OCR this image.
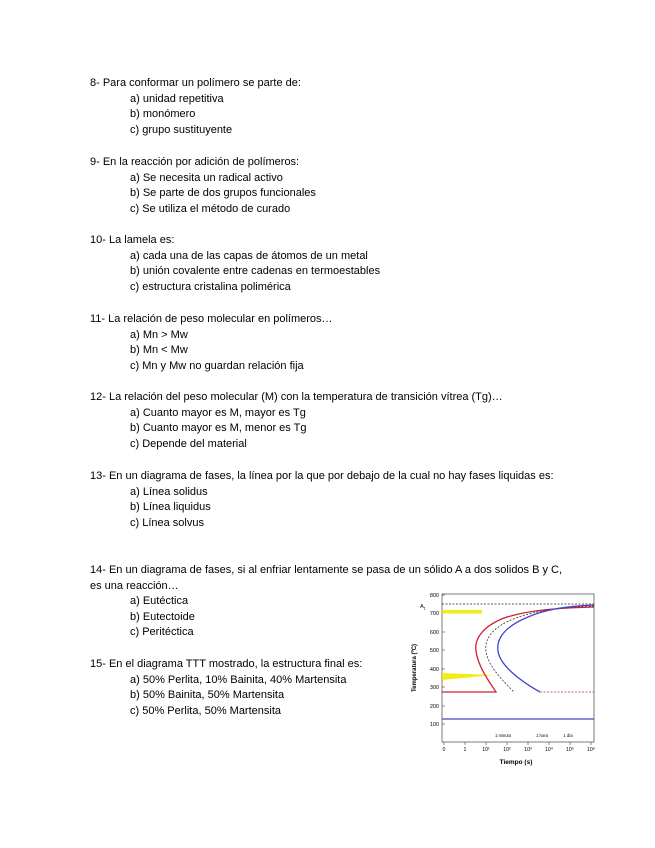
8- Para conformar un polímero se parte de:
a) unidad repetitiva
b) monómero
c) grupo sustituyente
9- En la reacción por adición de polímeros:
a) Se necesita un radical activo
b) Se parte de dos grupos funcionales
c) Se utiliza el método de curado
10- La lamela es:
a) cada una de las capas de átomos de un metal
b) unión covalente entre cadenas en termoestables
c) estructura cristalina polimérica
11- La relación de peso molecular en polímeros…
a) Mn > Mw
b) Mn < Mw
c) Mn y Mw no guardan relación fija
12- La relación del peso molecular (M) con la temperatura de transición vítrea (Tg)…
a) Cuanto mayor es M, mayor es Tg
b) Cuanto mayor es M, menor es Tg
c) Depende del material
13- En un diagrama de fases, la línea por la que por debajo de la cual no hay fases liquidas es:
a) Línea solidus
b) Línea liquidus
c) Línea solvus
14- En un diagrama de fases, si al enfriar lentamente se pasa de un sólido A a dos solidos B y C, es una reacción…
a) Eutéctica
b) Eutectoide
c) Peritéctica
15- En el diagrama TTT mostrado, la estructura final es:
a) 50% Perlita, 10% Bainita, 40% Martensita
b) 50% Bainita, 50% Martensita
c) 50% Perlita, 50% Martensita
800
700
600
500
400
300
200
100
$A_1$
Temperatura (ºC)
1 minuto	1 hora	1 día
0	1	10¹	10²	10³	10⁴	10⁵	10⁶
Tiempo (s)
